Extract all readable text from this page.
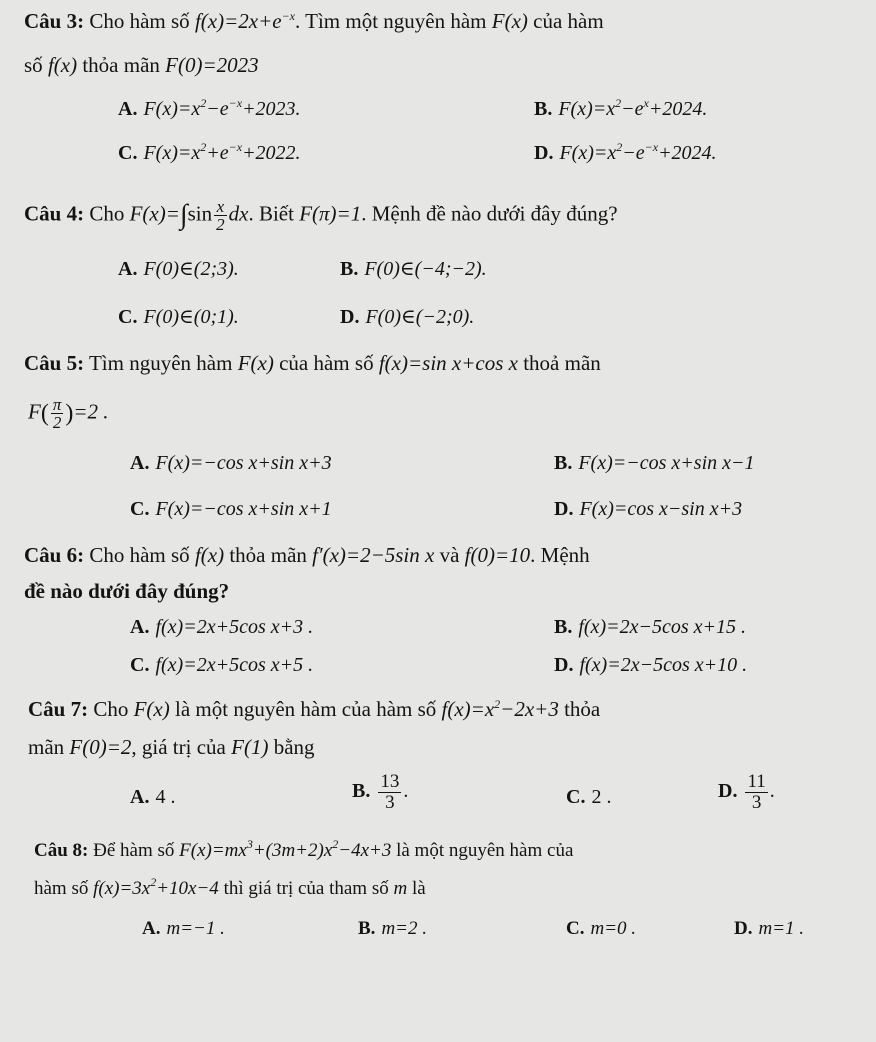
Câu 3: Cho hàm số $f(x)=2x+e^{-x}$. Tìm một nguyên hàm F(x) của hàm
số f(x) thỏa mãn F(0)=2023
A. $F(x)=x^2-e^{-x}+2023$.	B. $F(x)=x^2-e^x+2024$.
C. $F(x)=x^2+e^{-x}+2022$.	D. $F(x)=x^2-e^{-x}+2024$.
Câu 4: Cho $F(x)=\int\sin \frac{x}{2}$ dx. Biết F(π)=1. Mệnh đề nào dưới đây đúng?
A. F(0)∈(2;3).	B. F(0)∈(−4;−2).
C. F(0)∈(0;1).	D. F(0)∈(−2;0).
Câu 5: Tìm nguyên hàm F(x) của hàm số f(x)=sin x+cos x thoả mãn
$F( \frac{\pi}{2} )=2$ .
A. F(x)=−cos x+sin x+3	B. F(x)=−cos x+sin x−1
C. F(x)=−cos x+sin x+1	D. F(x)=cos x−sin x+3
Câu 6: Cho hàm số f(x) thỏa mãn f′(x)=2−5sin x và f(0)=10. Mệnh
đề nào dưới đây đúng?
A. f(x)=2x+5cos x+3 .	B. f(x)=2x−5cos x+15 .
C. f(x)=2x+5cos x+5 .	D. f(x)=2x−5cos x+10 .
Câu 7: Cho F(x) là một nguyên hàm của hàm số $f(x)=x^2-2x+3$ thỏa
mãn F(0)=2, giá trị của F(1) bằng
A. 4 .	B. $\frac{13}{3}$ .	C. 2 .	D. $\frac{11}{3}$ .
Câu 8: Để hàm số $F(x)=mx^3+(3m+2)x^2-4x+3$ là một nguyên hàm của
hàm số $f(x)=3x^2+10x-4$ thì giá trị của tham số m là
A. m=−1 .	B. m=2 .	C. m=0 .	D. m=1 .
